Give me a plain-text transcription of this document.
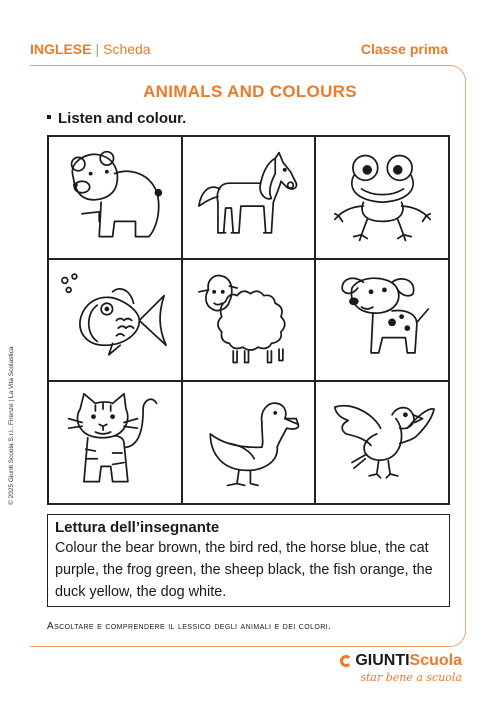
INGLESE | Scheda	Classe prima
ANIMALS AND COLOURS
Listen and colour.
Lettura dell’insegnante
Colour the bear brown, the bird red, the horse blue, the cat purple, the frog green, the sheep black, the fish orange, the duck yellow, the dog white.
Ascoltare e comprendere il lessico degli animali e dei colori.
© 2025 Giunti Scuola S.r.l., Firenze | La Vita Scolastica
GIUNTIScuola
star bene a scuola
